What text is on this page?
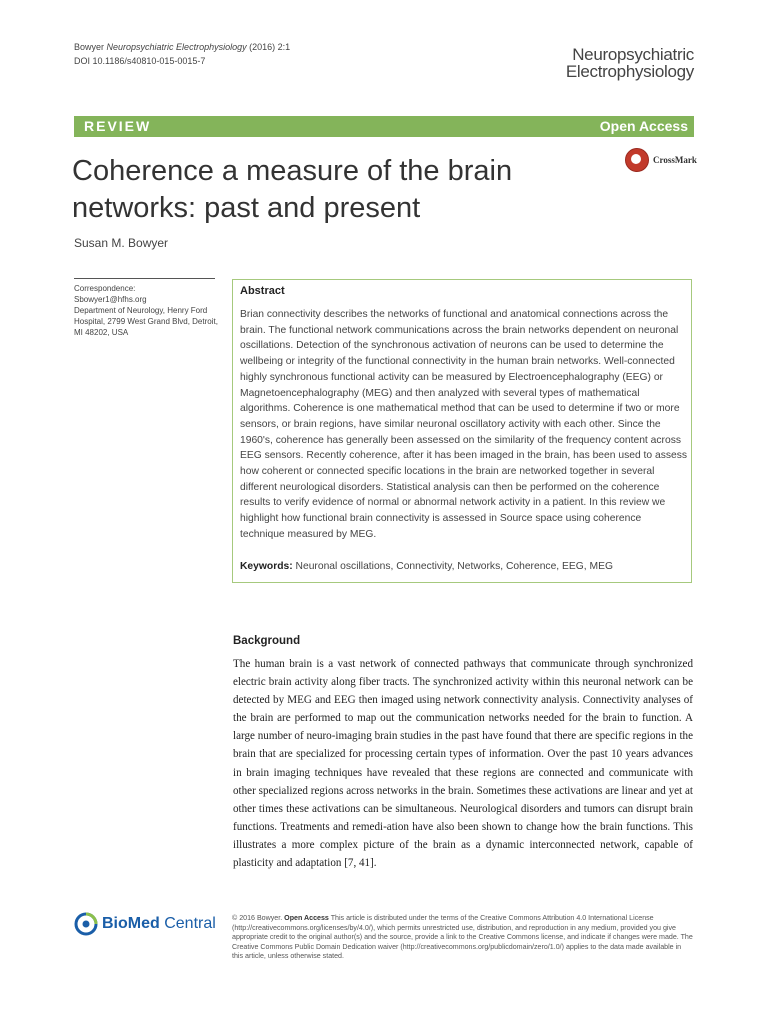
Bowyer Neuropsychiatric Electrophysiology (2016) 2:1
DOI 10.1186/s40810-015-0015-7	Neuropsychiatric
Electrophysiology
REVIEW	Open Access
Coherence a measure of the brain networks: past and present
CrossMark
Susan M. Bowyer
Correspondence:
Sbowyer1@hfhs.org
Department of Neurology, Henry Ford Hospital, 2799 West Grand Blvd, Detroit, MI 48202, USA
Abstract
Brian connectivity describes the networks of functional and anatomical connections across the brain. The functional network communications across the brain networks dependent on neuronal oscillations. Detection of the synchronous activation of neurons can be used to determine the wellbeing or integrity of the functional connectivity in the human brain networks. Well-connected highly synchronous functional activity can be measured by Electroencephalography (EEG) or Magnetoencephalography (MEG) and then analyzed with several types of mathematical algorithms. Coherence is one mathematical method that can be used to determine if two or more sensors, or brain regions, have similar neuronal oscillatory activity with each other. Since the 1960's, coherence has generally been assessed on the similarity of the frequency content across EEG sensors. Recently coherence, after it has been imaged in the brain, has been used to assess how coherent or connected specific locations in the brain are networked together in several different neurological disorders. Statistical analysis can then be performed on the coherence results to verify evidence of normal or abnormal network activity in a patient. In this review we highlight how functional brain connectivity is assessed in Source space using coherence technique measured by MEG.
Keywords: Neuronal oscillations, Connectivity, Networks, Coherence, EEG, MEG
Background
The human brain is a vast network of connected pathways that communicate through synchronized electric brain activity along fiber tracts. The synchronized activity within this neuronal network can be detected by MEG and EEG then imaged using network connectivity analysis. Connectivity analyses of the brain are performed to map out the communication networks needed for the brain to function. A large number of neuro-imaging brain studies in the past have found that there are specific regions in the brain that are specialized for processing certain types of information. Over the past 10 years advances in brain imaging techniques have revealed that these regions are connected and communicate with other specialized regions across networks in the brain. Sometimes these activations are linear and yet at other times these activations can be simultaneous. Neurological disorders and tumors can disrupt brain functions. Treatments and remedi-ation have also been shown to change how the brain functions. This illustrates a more complex picture of the brain as a dynamic interconnected network, capable of plasticity and adaptation [7, 41].
BioMed Central © 2016 Bowyer. Open Access This article is distributed under the terms of the Creative Commons Attribution 4.0 International License (http://creativecommons.org/licenses/by/4.0/), which permits unrestricted use, distribution, and reproduction in any medium, provided you give appropriate credit to the original author(s) and the source, provide a link to the Creative Commons license, and indicate if changes were made. The Creative Commons Public Domain Dedication waiver (http://creativecommons.org/publicdomain/zero/1.0/) applies to the data made available in this article, unless otherwise stated.
